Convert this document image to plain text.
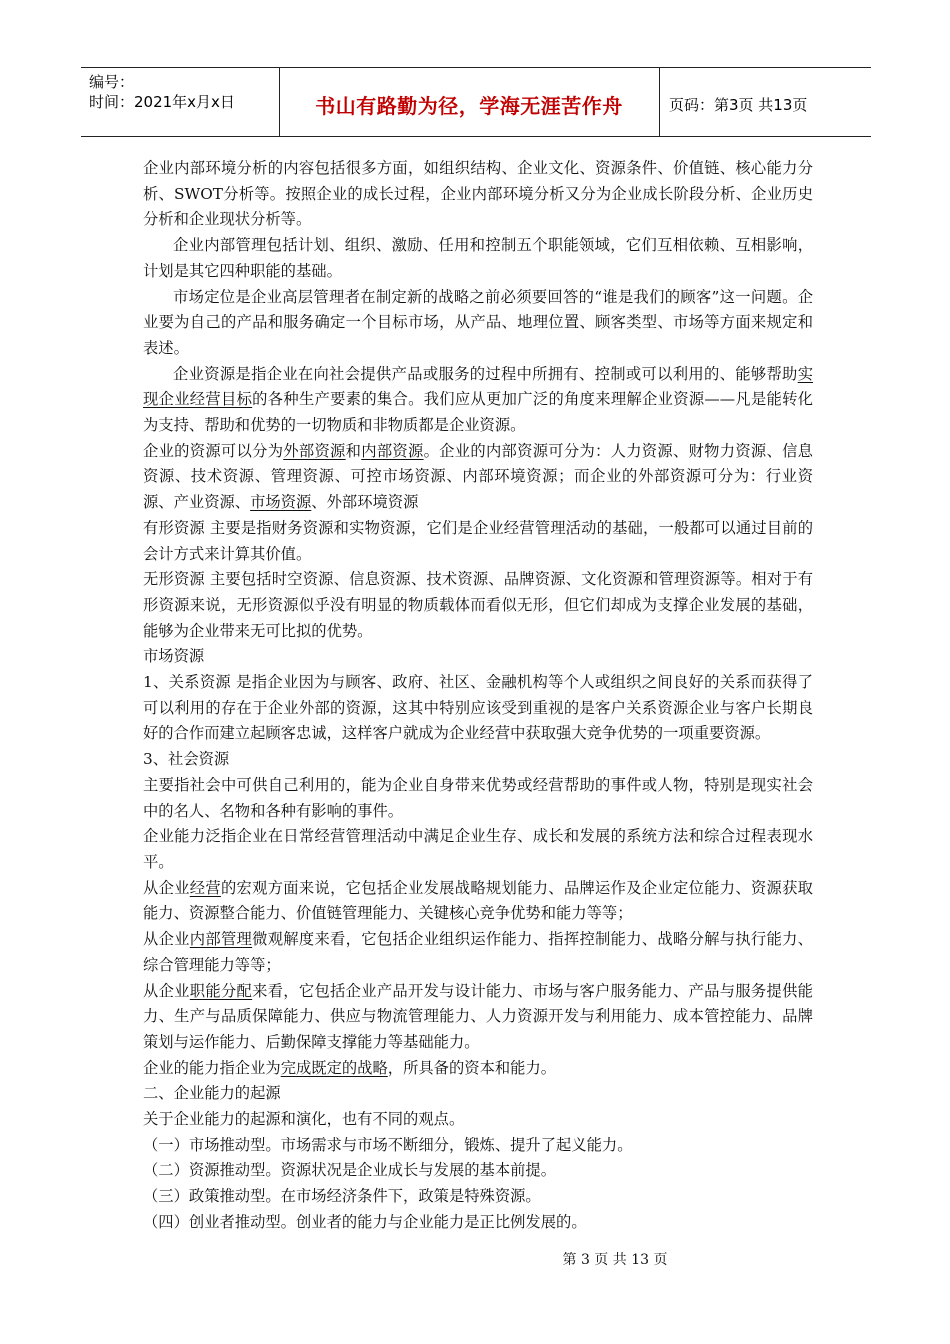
编号：
时间：2021年x月x日	书山有路勤为径，学海无涯苦作舟	页码：第3页 共13页

企业内部环境分析的内容包括很多方面，如组织结构、企业文化、资源条件、价值链、核心能力分析、SWOT分析等。按照企业的成长过程，企业内部环境分析又分为企业成长阶段分析、企业历史分析和企业现状分析等。

企业内部管理包括计划、组织、激励、任用和控制五个职能领域，它们互相依赖、互相影响，计划是其它四种职能的基础。

市场定位是企业高层管理者在制定新的战略之前必须要回答的“谁是我们的顾客”这一问题。企业要为自己的产品和服务确定一个目标市场，从产品、地理位置、顾客类型、市场等方面来规定和表述。

企业资源是指企业在向社会提供产品或服务的过程中所拥有、控制或可以利用的、能够帮助实现企业经营目标的各种生产要素的集合。我们应从更加广泛的角度来理解企业资源——凡是能转化为支持、帮助和优势的一切物质和非物质都是企业资源。

企业的资源可以分为外部资源和内部资源。企业的内部资源可分为：人力资源、财物力资源、信息资源、技术资源、管理资源、可控市场资源、内部环境资源；而企业的外部资源可分为：行业资源、产业资源、市场资源、外部环境资源

有形资源 主要是指财务资源和实物资源，它们是企业经营管理活动的基础，一般都可以通过目前的会计方式来计算其价值。

无形资源 主要包括时空资源、信息资源、技术资源、品牌资源、文化资源和管理资源等。相对于有形资源来说，无形资源似乎没有明显的物质载体而看似无形，但它们却成为支撑企业发展的基础，能够为企业带来无可比拟的优势。

市场资源

1、关系资源 是指企业因为与顾客、政府、社区、金融机构等个人或组织之间良好的关系而获得了可以利用的存在于企业外部的资源，这其中特别应该受到重视的是客户关系资源企业与客户长期良好的合作而建立起顾客忠诚，这样客户就成为企业经营中获取强大竞争优势的一项重要资源。

3、社会资源

主要指社会中可供自己利用的，能为企业自身带来优势或经营帮助的事件或人物，特别是现实社会中的名人、名物和各种有影响的事件。

企业能力泛指企业在日常经营管理活动中满足企业生存、成长和发展的系统方法和综合过程表现水平。

从企业经营的宏观方面来说，它包括企业发展战略规划能力、品牌运作及企业定位能力、资源获取能力、资源整合能力、价值链管理能力、关键核心竞争优势和能力等等；

从企业内部管理微观解度来看，它包括企业组织运作能力、指挥控制能力、战略分解与执行能力、综合管理能力等等；

从企业职能分配来看，它包括企业产品开发与设计能力、市场与客户服务能力、产品与服务提供能力、生产与品质保障能力、供应与物流管理能力、人力资源开发与利用能力、成本管控能力、品牌策划与运作能力、后勤保障支撑能力等基础能力。

企业的能力指企业为完成既定的战略，所具备的资本和能力。

二、企业能力的起源

关于企业能力的起源和演化，也有不同的观点。

（一）市场推动型。市场需求与市场不断细分，锻炼、提升了起义能力。

（二）资源推动型。资源状况是企业成长与发展的基本前提。

（三）政策推动型。在市场经济条件下，政策是特殊资源。

（四）创业者推动型。创业者的能力与企业能力是正比例发展的。

第 3 页 共 13 页
